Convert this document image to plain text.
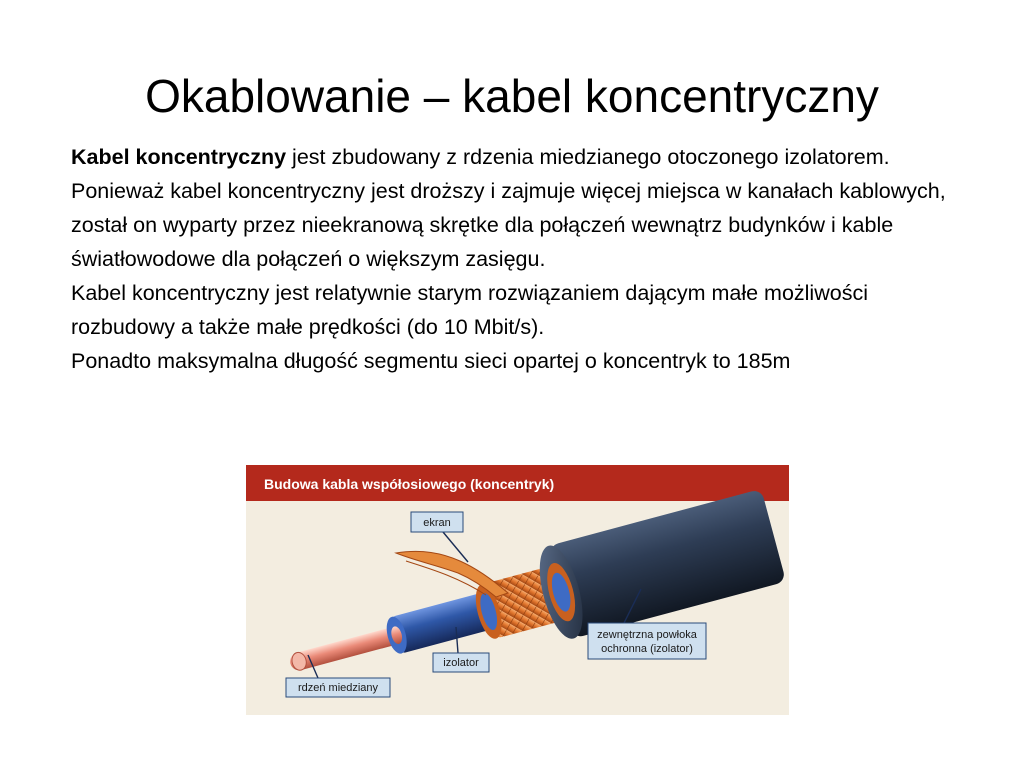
Okablowanie – kabel koncentryczny

Kabel koncentryczny jest zbudowany z rdzenia miedzianego otoczonego izolatorem.

Ponieważ kabel koncentryczny jest droższy i zajmuje więcej miejsca w kanałach kablowych, został on wyparty przez nieekranową skrętke dla połączeń wewnątrz budynków i kable światłowodowe dla połączeń o większym zasięgu.

Kabel koncentryczny jest relatywnie starym rozwiązaniem dającym małe możliwości rozbudowy a także małe prędkości (do 10 Mbit/s).

Ponadto maksymalna długość segmentu sieci opartej o koncentryk to 185m

Budowa kabla współosiowego (koncentryk)
ekran
izolator
rdzeń miedziany
zewnętrzna powłoka
ochronna (izolator)
